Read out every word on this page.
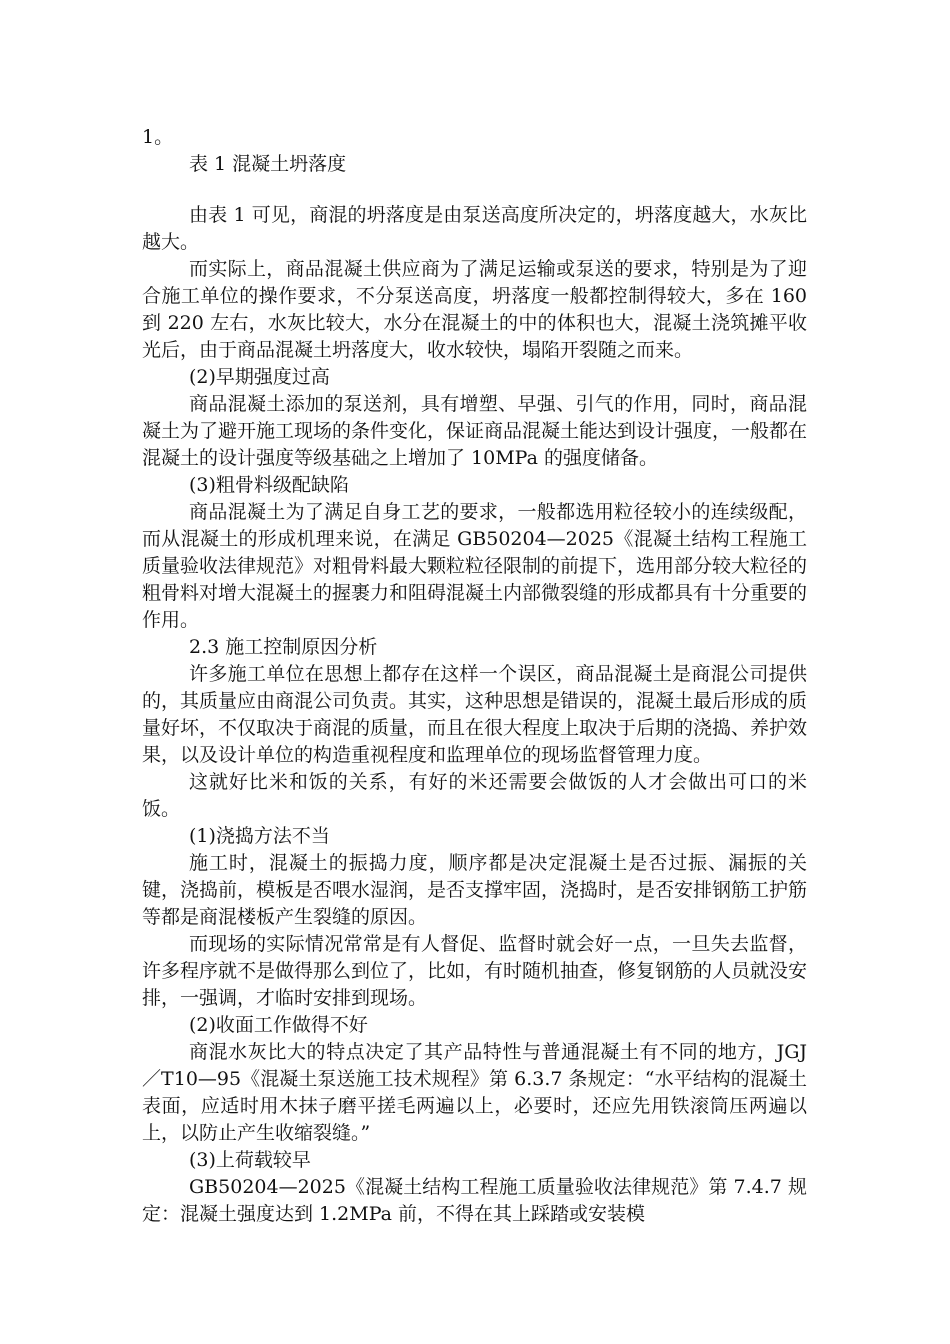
1。

表 1 混凝土坍落度

由表 1 可见，商混的坍落度是由泵送高度所决定的，坍落度越大，水灰比越大。

而实际上，商品混凝土供应商为了满足运输或泵送的要求，特别是为了迎合施工单位的操作要求，不分泵送高度，坍落度一般都控制得较大，多在 160 到 220 左右，水灰比较大，水分在混凝土的中的体积也大，混凝土浇筑摊平收光后，由于商品混凝土坍落度大，收水较快，塌陷开裂随之而来。

(2)早期强度过高

商品混凝土添加的泵送剂，具有增塑、早强、引气的作用，同时，商品混凝土为了避开施工现场的条件变化，保证商品混凝土能达到设计强度，一般都在混凝土的设计强度等级基础之上增加了 10MPa 的强度储备。

(3)粗骨料级配缺陷

商品混凝土为了满足自身工艺的要求，一般都选用粒径较小的连续级配，而从混凝土的形成机理来说，在满足 GB50204—2025《混凝土结构工程施工质量验收法律规范》对粗骨料最大颗粒粒径限制的前提下，选用部分较大粒径的粗骨料对增大混凝土的握裹力和阻碍混凝土内部微裂缝的形成都具有十分重要的作用。

2.3 施工控制原因分析

许多施工单位在思想上都存在这样一个误区，商品混凝土是商混公司提供的，其质量应由商混公司负责。其实，这种思想是错误的，混凝土最后形成的质量好坏，不仅取决于商混的质量，而且在很大程度上取决于后期的浇捣、养护效果，以及设计单位的构造重视程度和监理单位的现场监督管理力度。

这就好比米和饭的关系，有好的米还需要会做饭的人才会做出可口的米饭。

(1)浇捣方法不当

施工时，混凝土的振捣力度，顺序都是决定混凝土是否过振、漏振的关键，浇捣前，模板是否喂水湿润，是否支撑牢固，浇捣时，是否安排钢筋工护筋等都是商混楼板产生裂缝的原因。

而现场的实际情况常常是有人督促、监督时就会好一点，一旦失去监督，许多程序就不是做得那么到位了，比如，有时随机抽查，修复钢筋的人员就没安排，一强调，才临时安排到现场。

(2)收面工作做得不好

商混水灰比大的特点决定了其产品特性与普通混凝土有不同的地方，JGJ／T10—95《混凝土泵送施工技术规程》第 6.3.7 条规定：“水平结构的混凝土表面，应适时用木抹子磨平搓毛两遍以上，必要时，还应先用铁滚筒压两遍以上，以防止产生收缩裂缝。”

(3)上荷载较早

GB50204—2025《混凝土结构工程施工质量验收法律规范》第 7.4.7 规定：混凝土强度达到 1.2MPa 前，不得在其上踩踏或安装模
